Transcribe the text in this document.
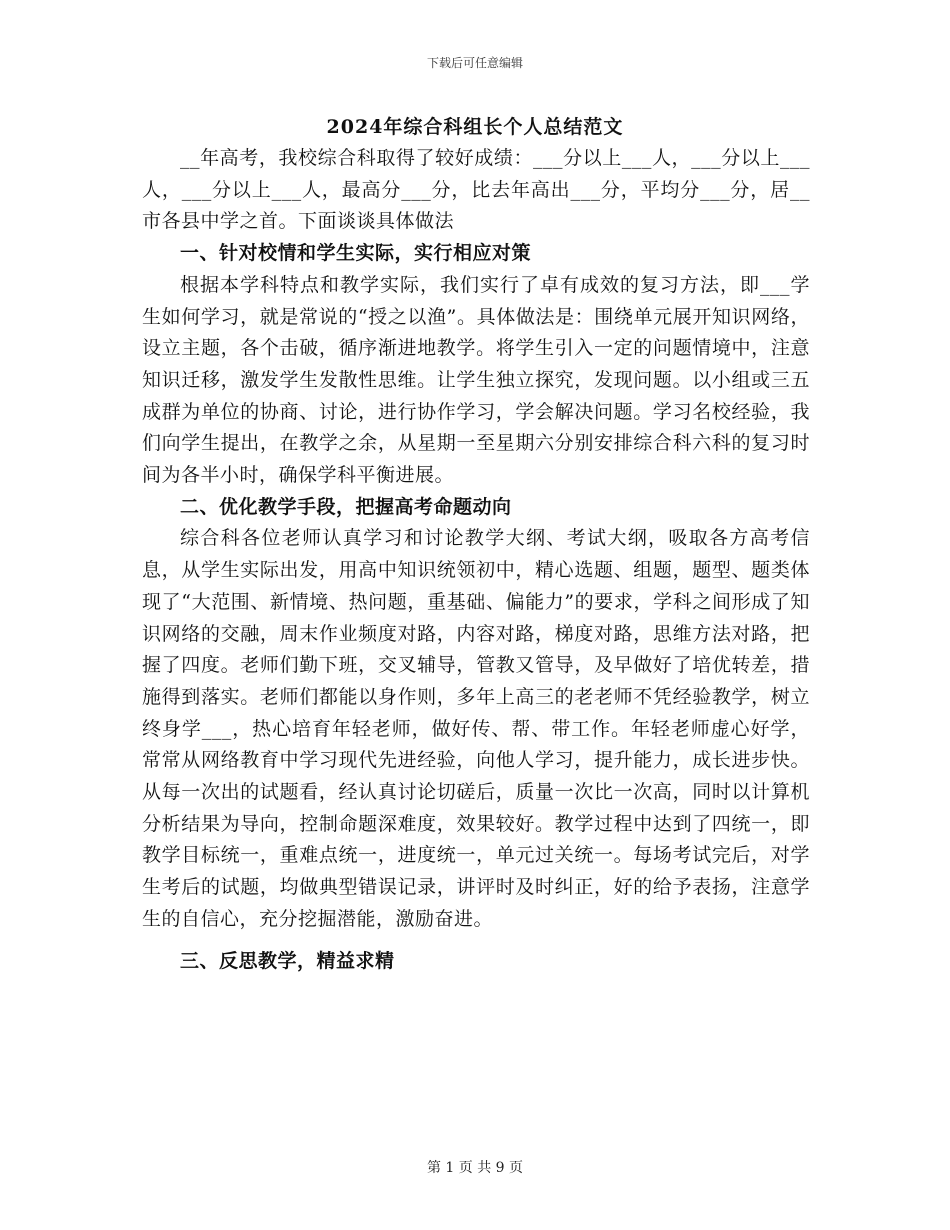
下载后可任意编辑
2024年综合科组长个人总结范文

__年高考，我校综合科取得了较好成绩：___分以上___人，___分以上___人，___分以上___人，最高分___分，比去年高出___分，平均分___分，居__市各县中学之首。下面谈谈具体做法

一、针对校情和学生实际，实行相应对策

根据本学科特点和教学实际，我们实行了卓有成效的复习方法，即___学生如何学习，就是常说的“授之以渔”。具体做法是：围绕单元展开知识网络，设立主题，各个击破，循序渐进地教学。将学生引入一定的问题情境中，注意知识迁移，激发学生发散性思维。让学生独立探究，发现问题。以小组或三五成群为单位的协商、讨论，进行协作学习，学会解决问题。学习名校经验，我们向学生提出，在教学之余，从星期一至星期六分别安排综合科六科的复习时间为各半小时，确保学科平衡进展。

二、优化教学手段，把握高考命题动向

综合科各位老师认真学习和讨论教学大纲、考试大纲，吸取各方高考信息，从学生实际出发，用高中知识统领初中，精心选题、组题，题型、题类体现了“大范围、新情境、热问题，重基础、偏能力”的要求，学科之间形成了知识网络的交融，周末作业频度对路，内容对路，梯度对路，思维方法对路，把握了四度。老师们勤下班，交叉辅导，管教又管导，及早做好了培优转差，措施得到落实。老师们都能以身作则，多年上高三的老老师不凭经验教学，树立终身学___，热心培育年轻老师，做好传、帮、带工作。年轻老师虚心好学，常常从网络教育中学习现代先进经验，向他人学习，提升能力，成长进步快。从每一次出的试题看，经认真讨论切磋后，质量一次比一次高，同时以计算机分析结果为导向，控制命题深难度，效果较好。教学过程中达到了四统一，即教学目标统一，重难点统一，进度统一，单元过关统一。每场考试完后，对学生考后的试题，均做典型错误记录，讲评时及时纠正，好的给予表扬，注意学生的自信心，充分挖掘潜能，激励奋进。

三、反思教学，精益求精
第 1 页 共 9 页
